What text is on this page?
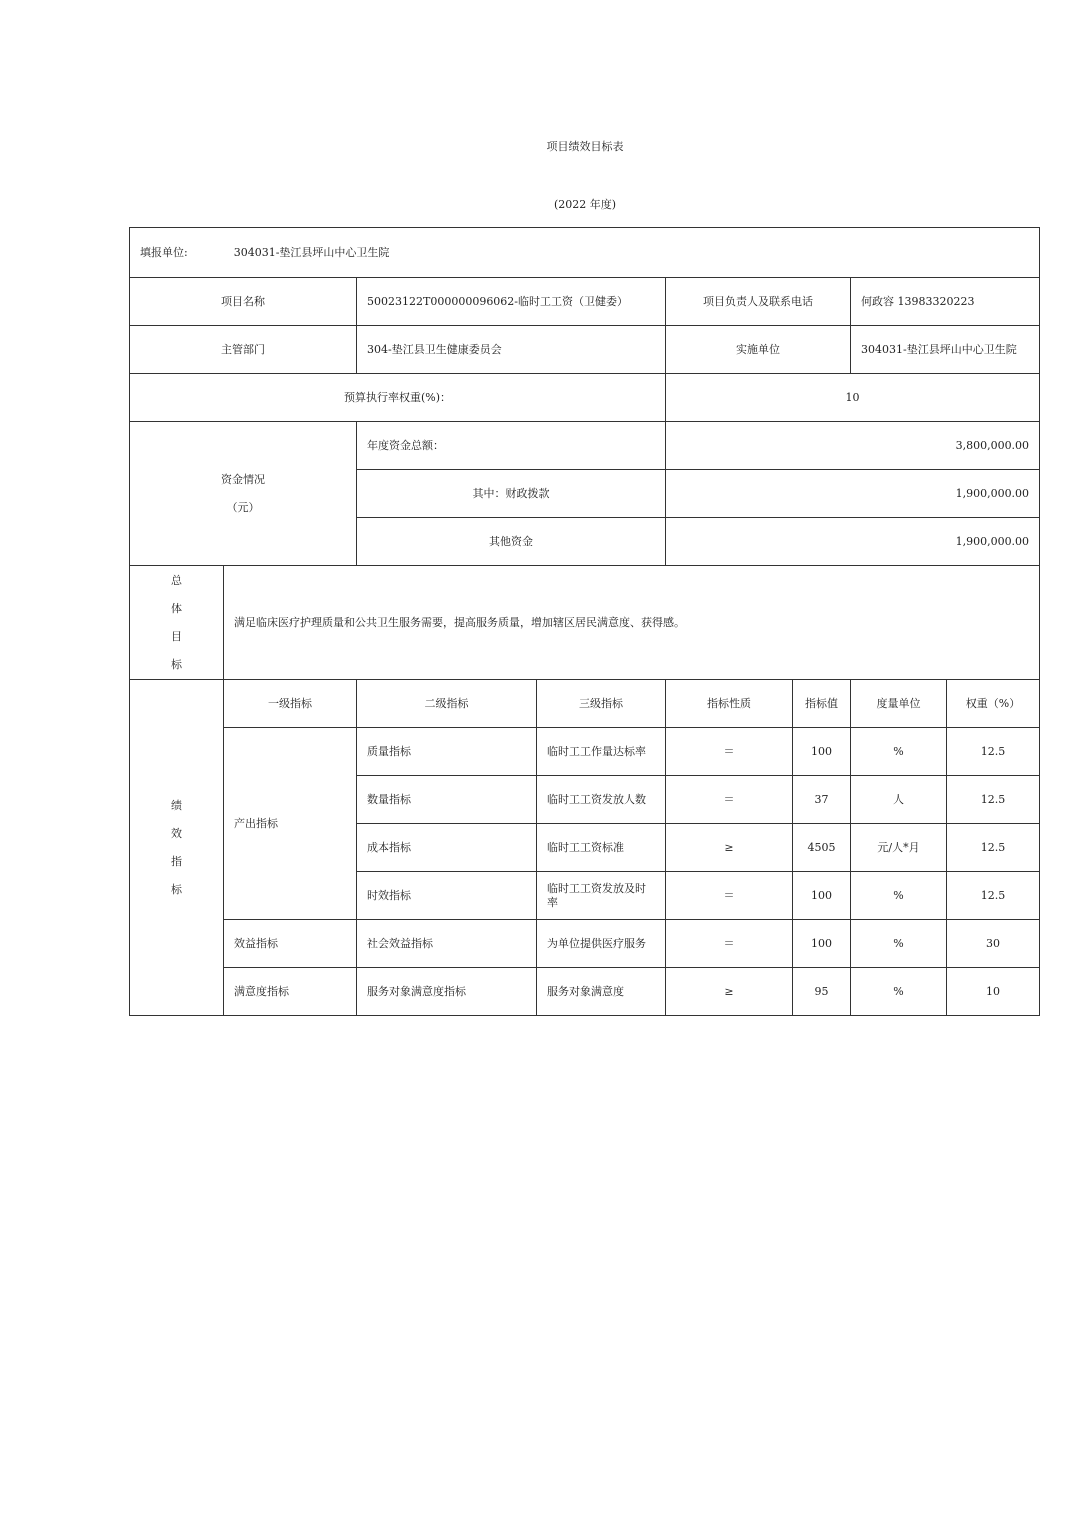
项目绩效目标表
(2022 年度)
填报单位: 304031-垫江县坪山中心卫生院							
项目名称		50023122T000000096062-临时工工资（卫健委）		项目负责人及联系电话		何政容 13983320223	
主管部门		304-垫江县卫生健康委员会		实施单位		304031-垫江县坪山中心卫生院	
预算执行率权重(%)：				10			

资金情况
（元）		年度资金总额：		3,800,000.00			
		其中：财政拨款		1,900,000.00			
		其他资金		1,900,000.00			

总
体
目
标	满足临床医疗护理质量和公共卫生服务需要，提高服务质量，增加辖区居民满意度、获得感。						

绩
效
指
标	一级指标	二级指标	三级指标	指标性质	指标值	度量单位	权重（%）
	产出指标	质量指标	临时工工作量达标率	＝	100	%	12.5
		数量指标	临时工工资发放人数	＝	37	人	12.5
		成本指标	临时工工资标准	≥	4505	元/人*月	12.5
		时效指标	临时工工资发放及时率	＝	100	%	12.5
	效益指标	社会效益指标	为单位提供医疗服务	＝	100	%	30
	满意度指标	服务对象满意度指标	服务对象满意度	≥	95	%	10
